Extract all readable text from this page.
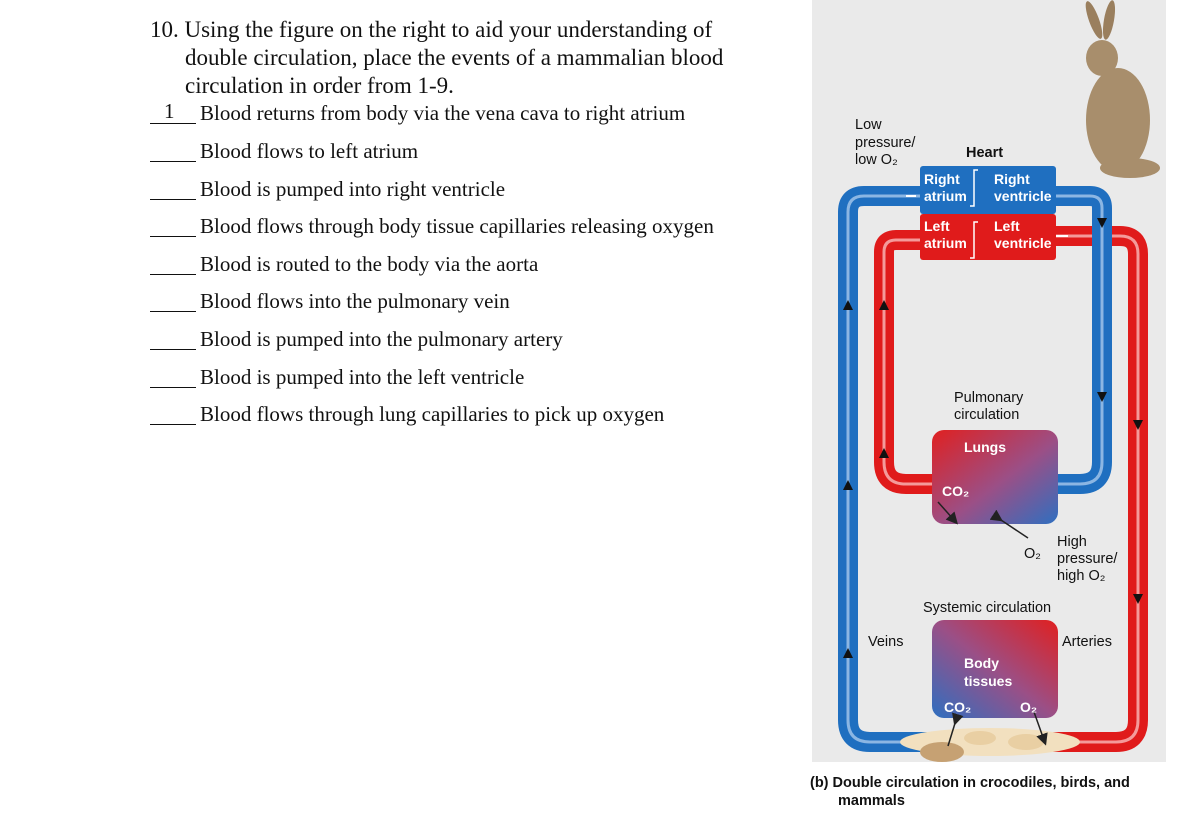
10. Using the figure on the right to aid your understanding of
double circulation, place the events of a mammalian blood
circulation in order from 1-9.
1 Blood returns from body via the vena cava to right atrium
Blood flows to left atrium
Blood is pumped into right ventricle
Blood flows through body tissue capillaries releasing oxygen
Blood is routed to the body via the aorta
Blood flows into the pulmonary vein
Blood is pumped into the pulmonary artery
Blood is pumped into the left ventricle
Blood flows through lung capillaries to pick up oxygen
Low
pressure/
low O₂	Heart
Pulmonary
circulation
High
pressure/
high O₂
Systemic circulation
Veins	Arteries
O₂
Right
atrium
Right
ventricle
Left
atrium
Left
ventricle
Lungs
CO₂
Body
tissues
CO₂	O₂
(b) Double circulation in crocodiles, birds, and
mammals
